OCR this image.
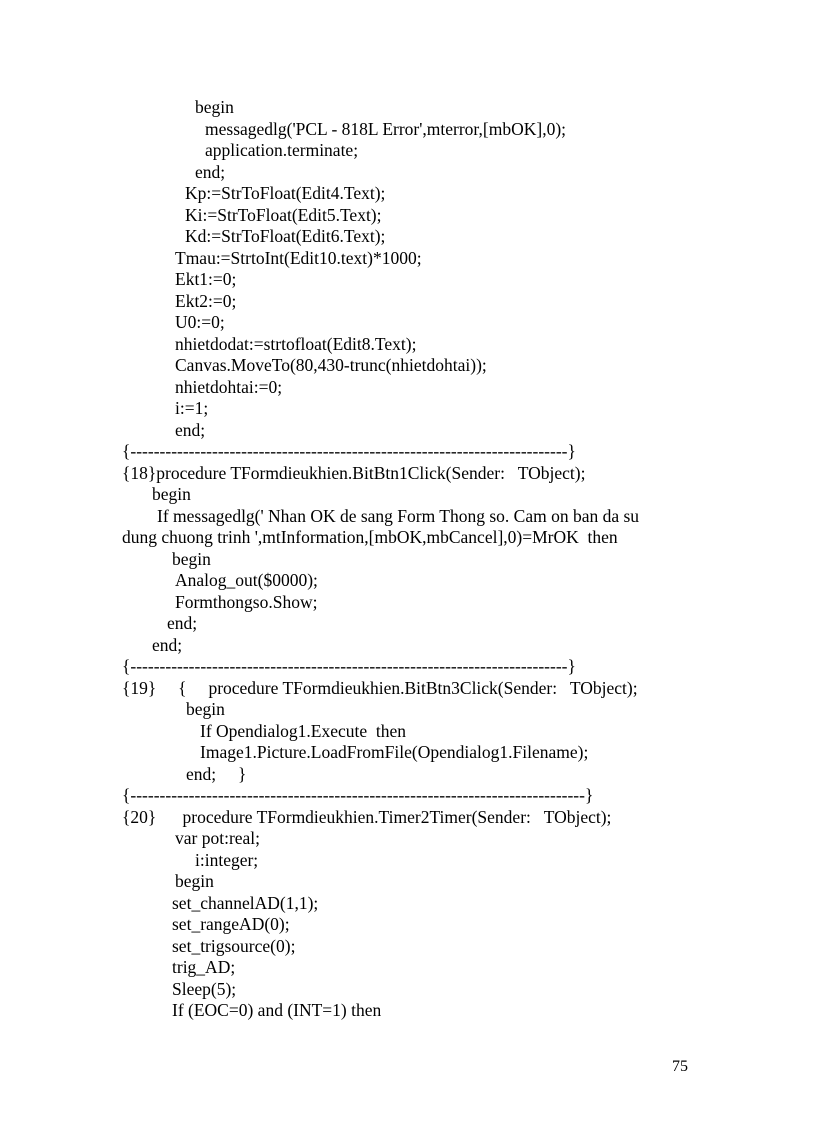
begin
messagedlg('PCL - 818L Error',mterror,[mbOK],0);
application.terminate;
end;
Kp:=StrToFloat(Edit4.Text);
Ki:=StrToFloat(Edit5.Text);
Kd:=StrToFloat(Edit6.Text);
Tmau:=StrtoInt(Edit10.text)*1000;
Ekt1:=0;
Ekt2:=0;
U0:=0;
nhietdodat:=strtofloat(Edit8.Text);
Canvas.MoveTo(80,430-trunc(nhietdohtai));
nhietdohtai:=0;
i:=1;
end;
{---------------------------------------------------------------------------}
{18}procedure TFormdieukhien.BitBtn1Click(Sender:   TObject);
begin
If messagedlg(' Nhan OK de sang Form Thong so. Cam on ban da su
dung chuong trinh ',mtInformation,[mbOK,mbCancel],0)=MrOK  then
begin
Analog_out($0000);
Formthongso.Show;
end;
end;
{---------------------------------------------------------------------------}
{19}     {     procedure TFormdieukhien.BitBtn3Click(Sender:   TObject);
begin
If Opendialog1.Execute  then
Image1.Picture.LoadFromFile(Opendialog1.Filename);
end;     }
{------------------------------------------------------------------------------}
{20}      procedure TFormdieukhien.Timer2Timer(Sender:   TObject);
var pot:real;
i:integer;
begin
set_channelAD(1,1);
set_rangeAD(0);
set_trigsource(0);
trig_AD;
Sleep(5);
If (EOC=0) and (INT=1) then
75
